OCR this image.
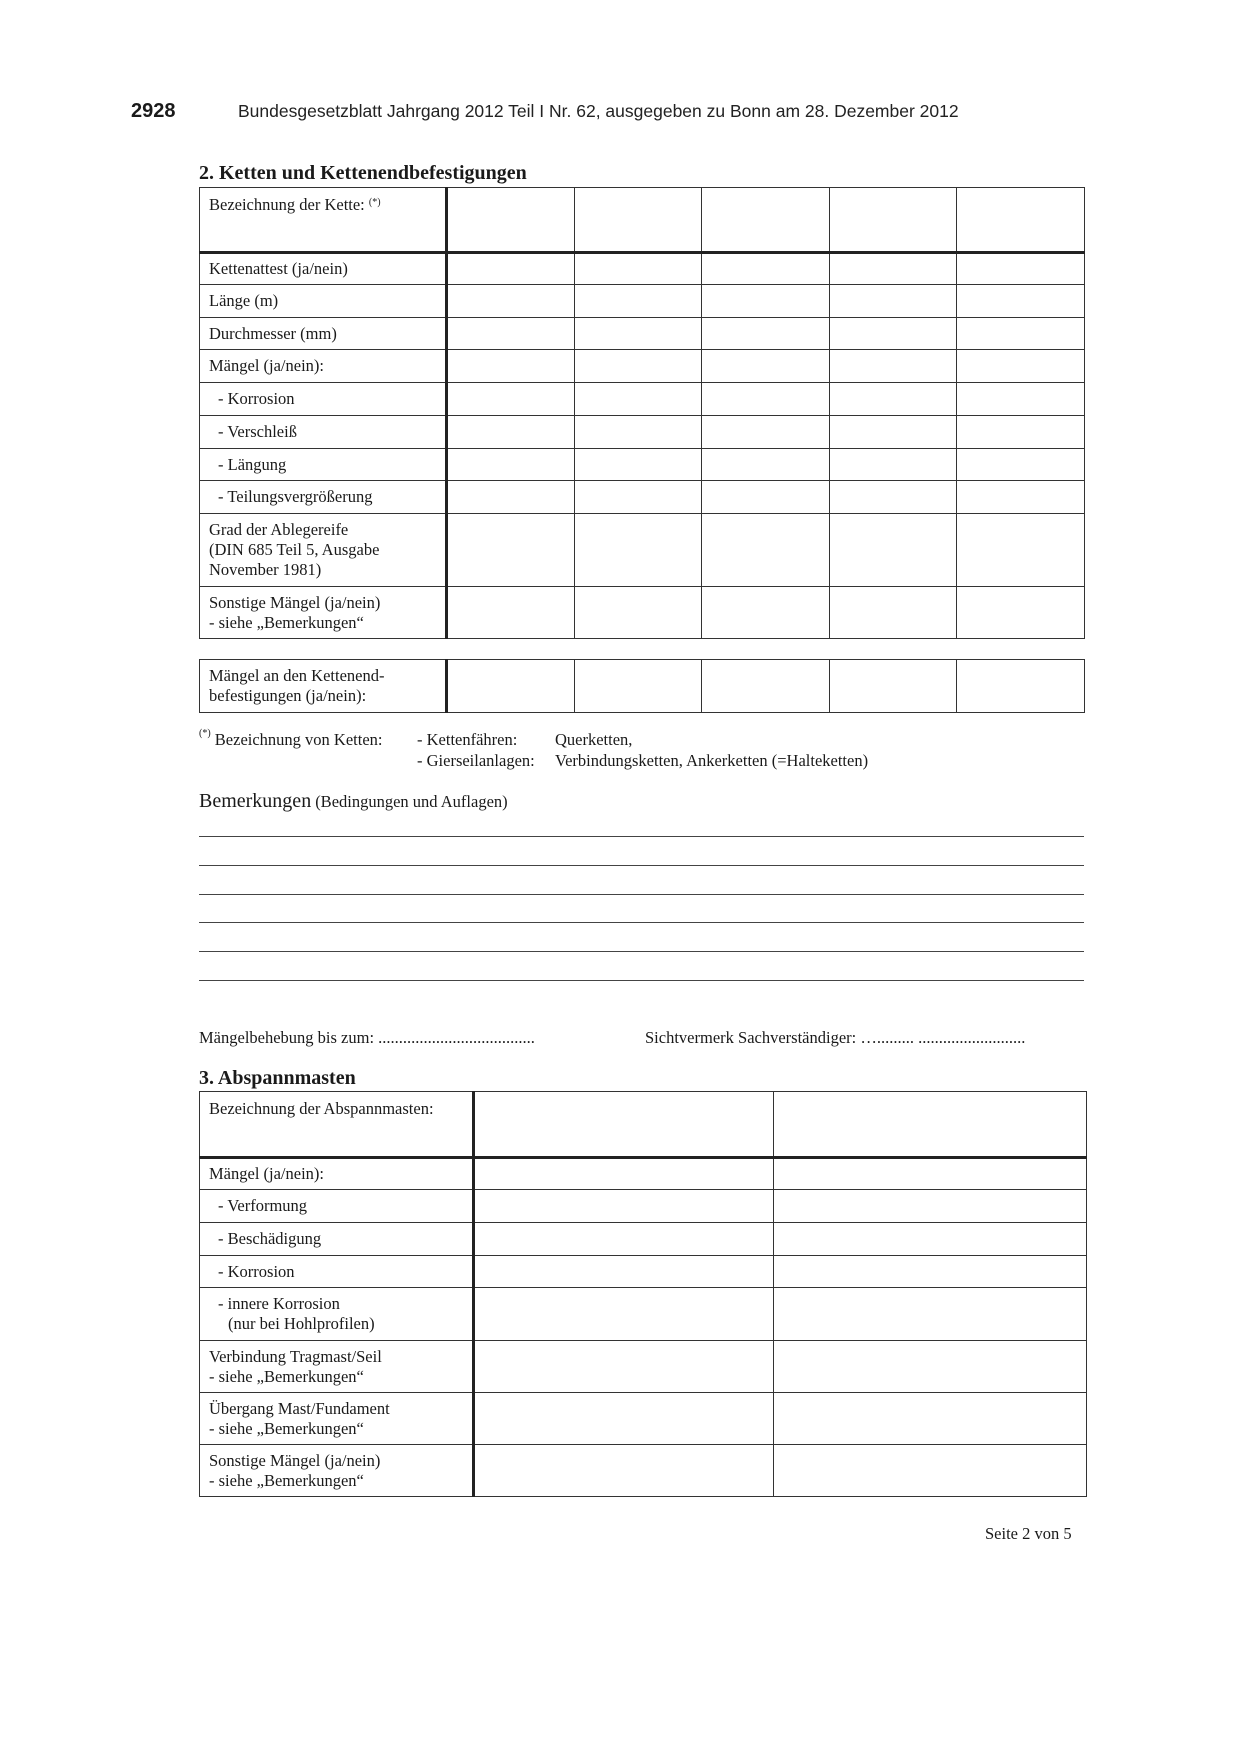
2928	Bundesgesetzblatt Jahrgang 2012 Teil I Nr. 62, ausgegeben zu Bonn am 28. Dezember 2012
2. Ketten und Kettenendbefestigungen
Bezeichnung der Kette: (*)					
Kettenattest (ja/nein)					
Länge (m)					
Durchmesser (mm)					
Mängel (ja/nein):					
- Korrosion					
- Verschleiß					
- Längung					
- Teilungsvergrößerung					

Grad der Ablegereife
(DIN 685 Teil 5, Ausgabe
November 1981)					

Sonstige Mängel (ja/nein)
- siehe „Bemerkungen“					

Mängel an den Kettenend-
befestigungen (ja/nein):

(*) Bezeichnung von Ketten: - Kettenfähren: Querketten,
- Gierseilanlagen: Verbindungsketten, Ankerketten (=Halteketten)
Bemerkungen (Bedingungen und Auflagen)
Mängelbehebung bis zum: ......................................	Sichtvermerk Sachverständiger: …......... ..........................
3. Abspannmasten
Bezeichnung der Abspannmasten:		
Mängel (ja/nein):		
- Verformung		
- Beschädigung		
- Korrosion		

- innere Korrosion
(nur bei Hohlprofilen)		

Verbindung Tragmast/Seil
- siehe „Bemerkungen“		

Übergang Mast/Fundament
- siehe „Bemerkungen“		

Sonstige Mängel (ja/nein)
- siehe „Bemerkungen“		

Seite 2 von 5
